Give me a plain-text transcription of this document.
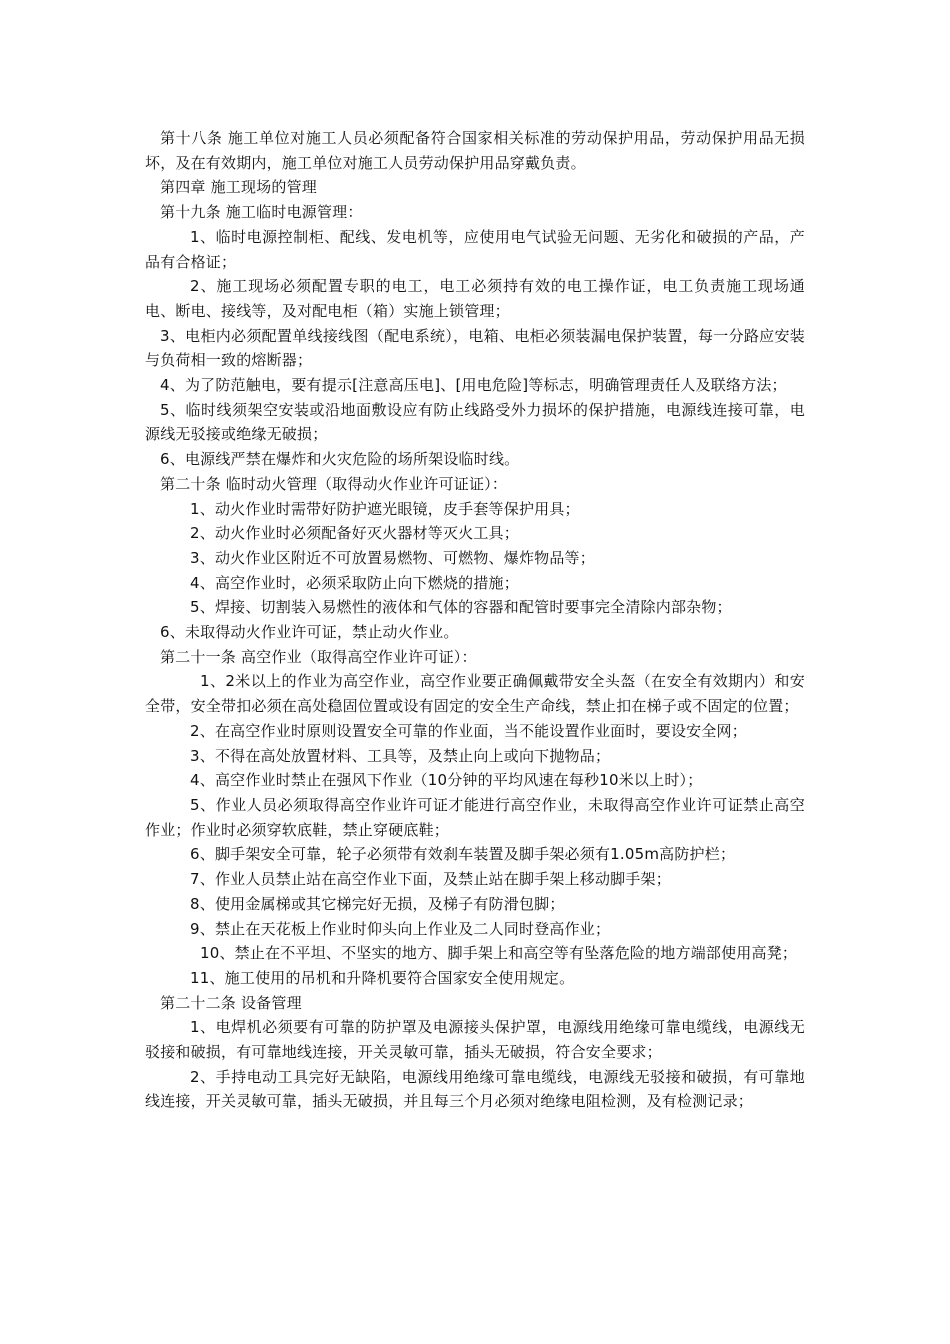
第十八条 施工单位对施工人员必须配备符合国家相关标准的劳动保护用品，劳动保护用品无损坏，及在有效期内，施工单位对施工人员劳动保护用品穿戴负责。

第四章 施工现场的管理

第十九条 施工临时电源管理：

1、临时电源控制柜、配线、发电机等，应使用电气试验无问题、无劣化和破损的产品，产品有合格证；

2、施工现场必须配置专职的电工，电工必须持有效的电工操作证，电工负责施工现场通电、断电、接线等，及对配电柜（箱）实施上锁管理；

3、电柜内必须配置单线接线图（配电系统），电箱、电柜必须装漏电保护装置，每一分路应安装与负荷相一致的熔断器；

4、为了防范触电，要有提示[注意高压电]、[用电危险]等标志，明确管理责任人及联络方法；

5、临时线须架空安装或沿地面敷设应有防止线路受外力损坏的保护措施，电源线连接可靠，电源线无驳接或绝缘无破损；

6、电源线严禁在爆炸和火灾危险的场所架设临时线。

第二十条 临时动火管理（取得动火作业许可证证）：

1、动火作业时需带好防护遮光眼镜，皮手套等保护用具；

2、动火作业时必须配备好灭火器材等灭火工具；

3、动火作业区附近不可放置易燃物、可燃物、爆炸物品等；

4、高空作业时，必须采取防止向下燃烧的措施；

5、焊接、切割装入易燃性的液体和气体的容器和配管时要事完全清除内部杂物；

6、未取得动火作业许可证，禁止动火作业。

第二十一条 高空作业（取得高空作业许可证）：

1、2米以上的作业为高空作业，高空作业要正确佩戴带安全头盔（在安全有效期内）和安全带，安全带扣必须在高处稳固位置或设有固定的安全生产命线，禁止扣在梯子或不固定的位置；

2、在高空作业时原则设置安全可靠的作业面，当不能设置作业面时，要设安全网；

3、不得在高处放置材料、工具等，及禁止向上或向下抛物品；

4、高空作业时禁止在强风下作业（10分钟的平均风速在每秒10米以上时）；

5、作业人员必须取得高空作业许可证才能进行高空作业，未取得高空作业许可证禁止高空作业；作业时必须穿软底鞋，禁止穿硬底鞋；

6、脚手架安全可靠，轮子必须带有效刹车装置及脚手架必须有1.05m高防护栏；

7、作业人员禁止站在高空作业下面，及禁止站在脚手架上移动脚手架；

8、使用金属梯或其它梯完好无损，及梯子有防滑包脚；

9、禁止在天花板上作业时仰头向上作业及二人同时登高作业；

10、禁止在不平坦、不坚实的地方、脚手架上和高空等有坠落危险的地方端部使用高凳；

11、施工使用的吊机和升降机要符合国家安全使用规定。

第二十二条 设备管理

1、电焊机必须要有可靠的防护罩及电源接头保护罩，电源线用绝缘可靠电缆线，电源线无驳接和破损，有可靠地线连接，开关灵敏可靠，插头无破损，符合安全要求；

2、手持电动工具完好无缺陷，电源线用绝缘可靠电缆线，电源线无驳接和破损，有可靠地线连接，开关灵敏可靠，插头无破损，并且每三个月必须对绝缘电阻检测，及有检测记录；
